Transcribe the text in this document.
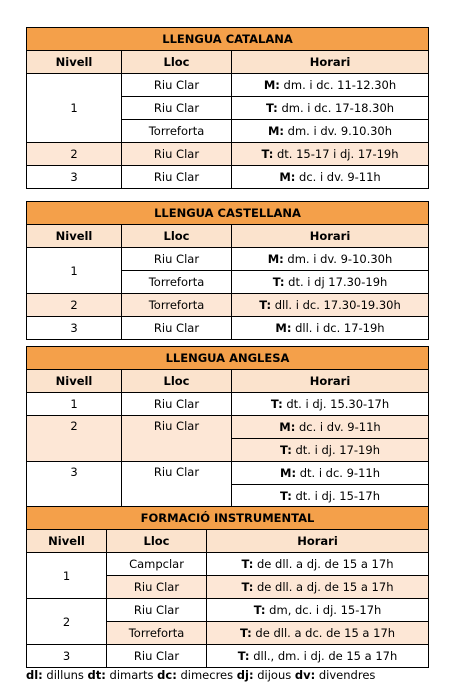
LLENGUA CATALANA		
Nivell	Lloc	Horari
1	Riu Clar	M: dm. i dc. 11-12.30h
	Riu Clar	T: dm. i dc. 17-18.30h
	Torreforta	M: dm. i dv. 9.10.30h
2	Riu Clar	T: dt. 15-17 i dj. 17-19h
3	Riu Clar	M: dc. i dv. 9-11h
LLENGUA CASTELLANA		
Nivell	Lloc	Horari
1	Riu Clar	M: dm. i dv. 9-10.30h
	Torreforta	T: dt. i dj 17.30-19h
2	Torreforta	T: dll. i dc. 17.30-19.30h
3	Riu Clar	M: dll. i dc. 17-19h
LLENGUA ANGLESA		
Nivell	Lloc	Horari
1	Riu Clar	T: dt. i dj. 15.30-17h
2	Riu Clar	M: dc. i dv. 9-11h
		T: dt. i dj. 17-19h
3	Riu Clar	M: dt. i dc. 9-11h
		T: dt. i dj. 15-17h
FORMACIÓ INSTRUMENTAL		
Nivell	Lloc	Horari
1	Campclar	T: de dll. a dj. de 15 a 17h
	Riu Clar	T: de dll. a dj. de 15 a 17h
2	Riu Clar	T: dm, dc. i dj. 15-17h
	Torreforta	T: de dll. a dc. de 15 a 17h
3	Riu Clar	T: dll., dm. i dj. de 15 a 17h
dl: dilluns dt: dimarts dc: dimecres dj: dijous dv: divendres
